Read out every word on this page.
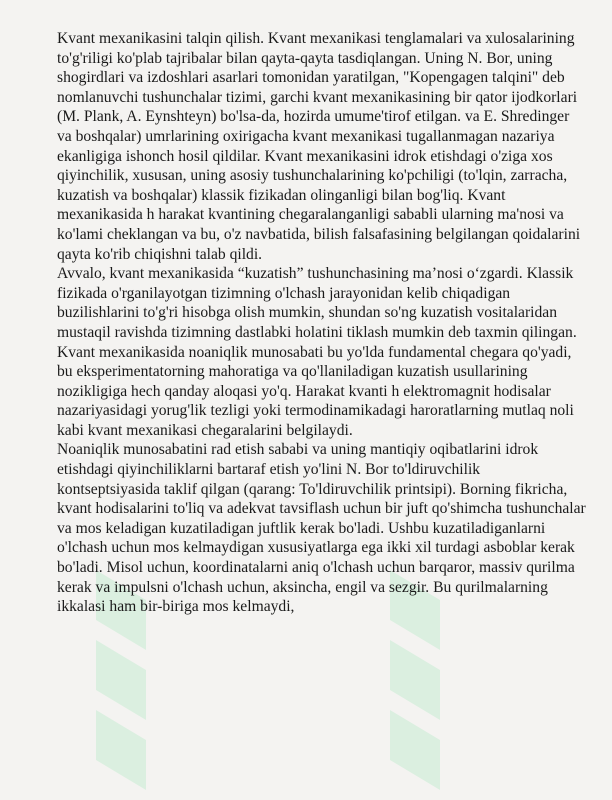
Kvant mexanikasini talqin qilish. Kvant mexanikasi tenglamalari va xulosalarining to'g'riligi ko'plab tajribalar bilan qayta-qayta tasdiqlangan. Uning N. Bor, uning shogirdlari va izdoshlari asarlari tomonidan yaratilgan, "Kopengagen talqini" deb nomlanuvchi tushunchalar tizimi, garchi kvant mexanikasining bir qator ijodkorlari (M. Plank, A. Eynshteyn) bo'lsa-da, hozirda umume'tirof etilgan. va E. Shredinger va boshqalar) umrlarining oxirigacha kvant mexanikasi tugallanmagan nazariya ekanligiga ishonch hosil qildilar. Kvant mexanikasini idrok etishdagi o'ziga xos qiyinchilik, xususan, uning asosiy tushunchalarining ko'pchiligi (to'lqin, zarracha, kuzatish va boshqalar) klassik fizikadan olinganligi bilan bog'liq. Kvant mexanikasida h harakat kvantining chegaralanganligi sababli ularning ma'nosi va ko'lami cheklangan va bu, o'z navbatida, bilish falsafasining belgilangan qoidalarini qayta ko'rib chiqishni talab qildi.

Avvalo, kvant mexanikasida “kuzatish” tushunchasining ma’nosi o‘zgardi. Klassik fizikada o'rganilayotgan tizimning o'lchash jarayonidan kelib chiqadigan buzilishlarini to'g'ri hisobga olish mumkin, shundan so'ng kuzatish vositalaridan mustaqil ravishda tizimning dastlabki holatini tiklash mumkin deb taxmin qilingan. Kvant mexanikasida noaniqlik munosabati bu yo'lda fundamental chegara qo'yadi, bu eksperimentatorning mahoratiga va qo'llaniladigan kuzatish usullarining nozikligiga hech qanday aloqasi yo'q. Harakat kvanti h elektromagnit hodisalar nazariyasidagi yorug'lik tezligi yoki termodinamikadagi haroratlarning mutlaq noli kabi kvant mexanikasi chegaralarini belgilaydi.

Noaniqlik munosabatini rad etish sababi va uning mantiqiy oqibatlarini idrok etishdagi qiyinchiliklarni bartaraf etish yo'lini N. Bor to'ldiruvchilik kontseptsiyasida taklif qilgan (qarang: To'ldiruvchilik printsipi). Borning fikricha, kvant hodisalarini to'liq va adekvat tavsiflash uchun bir juft qo'shimcha tushunchalar va mos keladigan kuzatiladigan juftlik kerak bo'ladi. Ushbu kuzatiladiganlarni o'lchash uchun mos kelmaydigan xususiyatlarga ega ikki xil turdagi asboblar kerak bo'ladi. Misol uchun, koordinatalarni aniq o'lchash uchun barqaror, massiv qurilma kerak va impulsni o'lchash uchun, aksincha, engil va sezgir. Bu qurilmalarning ikkalasi ham bir-biriga mos kelmaydi,
